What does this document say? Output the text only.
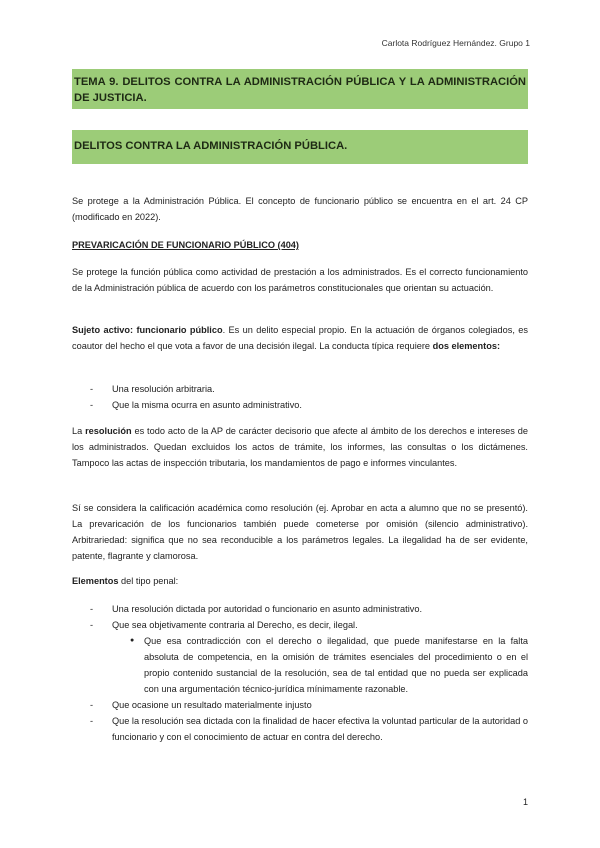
Carlota Rodríguez Hernández. Grupo 1
TEMA 9. DELITOS CONTRA LA ADMINISTRACIÓN PÚBLICA Y LA ADMINISTRACIÓN DE JUSTICIA.
DELITOS CONTRA LA ADMINISTRACIÓN PÚBLICA.

Se protege a la Administración Pública. El concepto de funcionario público se encuentra en el art. 24 CP (modificado en 2022).

PREVARICACIÓN DE FUNCIONARIO PÚBLICO (404)

Se protege la función pública como actividad de prestación a los administrados. Es el correcto funcionamiento de la Administración pública de acuerdo con los parámetros constitucionales que orientan su actuación.

Sujeto activo: funcionario público. Es un delito especial propio. En la actuación de órganos colegiados, es coautor del hecho el que vota a favor de una decisión ilegal. La conducta típica requiere dos elementos:

- Una resolución arbitraria.
- Que la misma ocurra en asunto administrativo.

La resolución es todo acto de la AP de carácter decisorio que afecte al ámbito de los derechos e intereses de los administrados. Quedan excluidos los actos de trámite, los informes, las consultas o los dictámenes. Tampoco las actas de inspección tributaria, los mandamientos de pago e informes vinculantes.

Sí se considera la calificación académica como resolución (ej. Aprobar en acta a alumno que no se presentó). La prevaricación de los funcionarios también puede cometerse por omisión (silencio administrativo). Arbitrariedad: significa que no sea reconducible a los parámetros legales. La ilegalidad ha de ser evidente, patente, flagrante y clamorosa.

Elementos del tipo penal:

- Una resolución dictada por autoridad o funcionario en asunto administrativo.
- Que sea objetivamente contraria al Derecho, es decir, ilegal.
● Que esa contradicción con el derecho o ilegalidad, que puede manifestarse en la falta absoluta de competencia, en la omisión de trámites esenciales del procedimiento o en el propio contenido sustancial de la resolución, sea de tal entidad que no pueda ser explicada con una argumentación técnico-jurídica mínimamente razonable.
- Que ocasione un resultado materialmente injusto
- Que la resolución sea dictada con la finalidad de hacer efectiva la voluntad particular de la autoridad o funcionario y con el conocimiento de actuar en contra del derecho.
1
